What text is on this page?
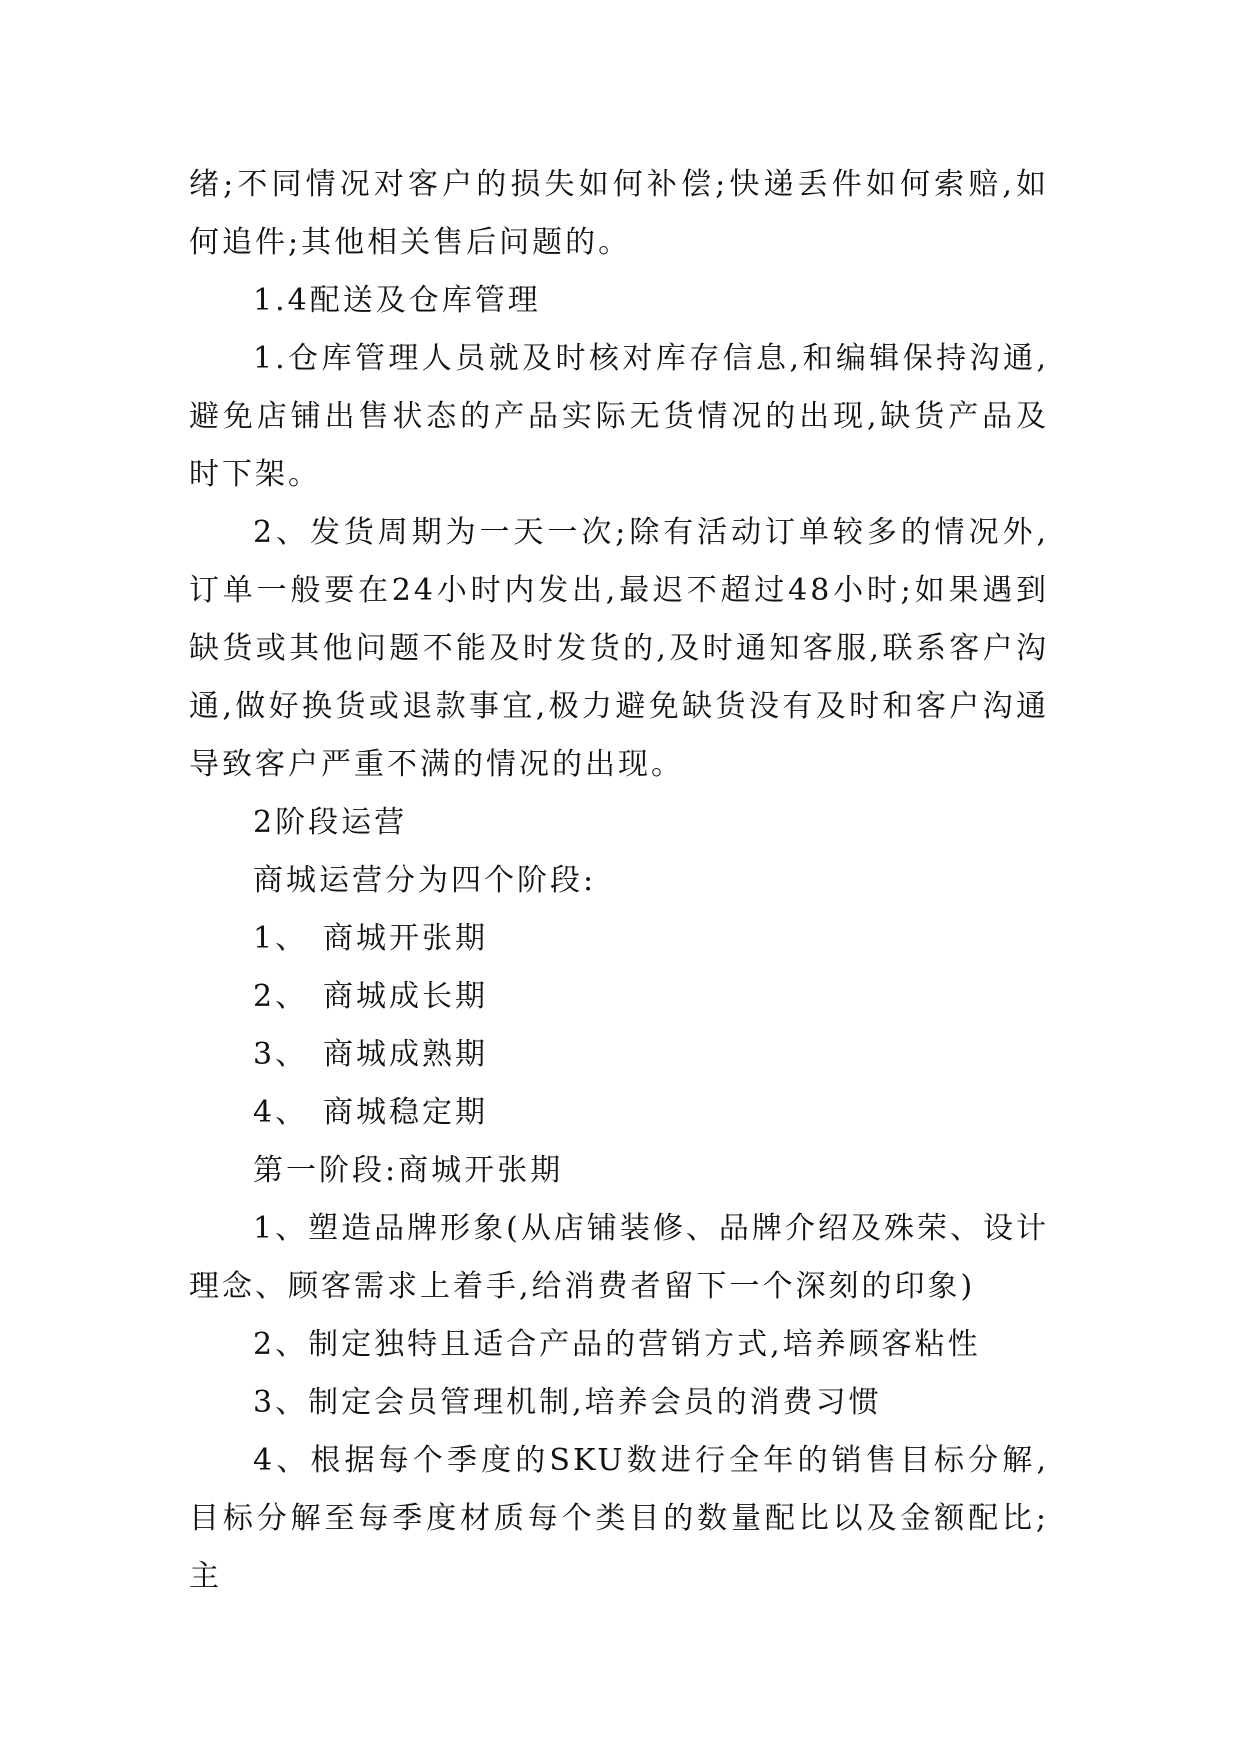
绪;不同情况对客户的损失如何补偿;快递丢件如何索赔,如何追件;其他相关售后问题的。

1.4配送及仓库管理

1.仓库管理人员就及时核对库存信息,和编辑保持沟通,避免店铺出售状态的产品实际无货情况的出现,缺货产品及时下架。

2、发货周期为一天一次;除有活动订单较多的情况外,订单一般要在24小时内发出,最迟不超过48小时;如果遇到缺货或其他问题不能及时发货的,及时通知客服,联系客户沟通,做好换货或退款事宜,极力避免缺货没有及时和客户沟通导致客户严重不满的情况的出现。

2阶段运营

商城运营分为四个阶段:

1、 商城开张期

2、 商城成长期

3、 商城成熟期

4、 商城稳定期

第一阶段:商城开张期

1、塑造品牌形象(从店铺装修、品牌介绍及殊荣、设计理念、顾客需求上着手,给消费者留下一个深刻的印象)

2、制定独特且适合产品的营销方式,培养顾客粘性

3、制定会员管理机制,培养会员的消费习惯

4、根据每个季度的SKU数进行全年的销售目标分解,目标分解至每季度材质每个类目的数量配比以及金额配比;主
